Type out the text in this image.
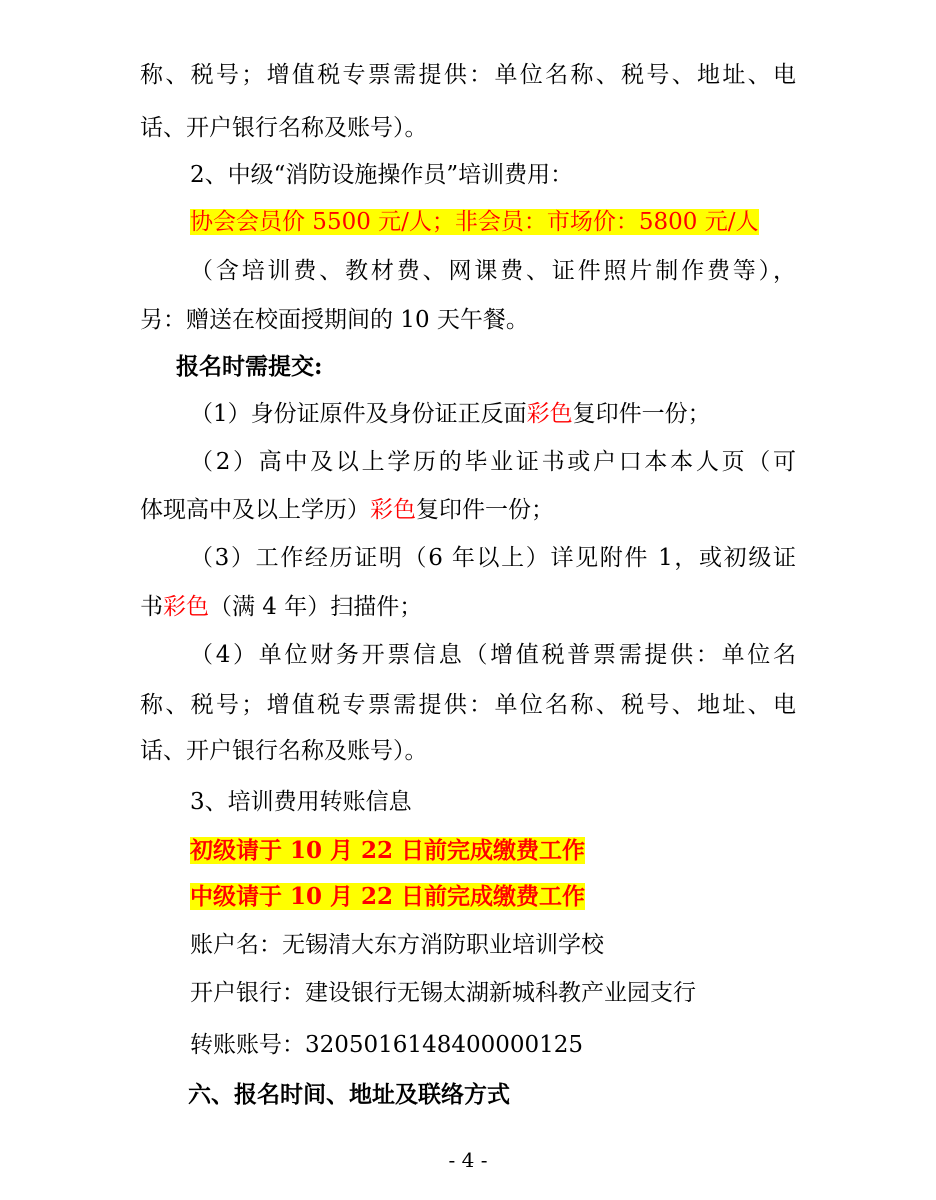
称、税号；增值税专票需提供：单位名称、税号、地址、电
话、开户银行名称及账号）。
2、中级“消防设施操作员”培训费用：
协会会员价 5500 元/人；非会员：市场价：5800 元/人
（含培训费、教材费、网课费、证件照片制作费等），
另：赠送在校面授期间的 10 天午餐。
报名时需提交:
（1）身份证原件及身份证正反面彩色复印件一份；
（2）高中及以上学历的毕业证书或户口本本人页（可
体现高中及以上学历）彩色复印件一份；
（3）工作经历证明（6 年以上）详见附件 1，或初级证
书彩色（满 4 年）扫描件；
（4）单位财务开票信息（增值税普票需提供：单位名
称、税号；增值税专票需提供：单位名称、税号、地址、电
话、开户银行名称及账号）。
3、培训费用转账信息
初级请于 10 月 22 日前完成缴费工作
中级请于 10 月 22 日前完成缴费工作
账户名：无锡清大东方消防职业培训学校
开户银行：建设银行无锡太湖新城科教产业园支行
转账账号：3205016148400000125
六、报名时间、地址及联络方式
- 4 -
